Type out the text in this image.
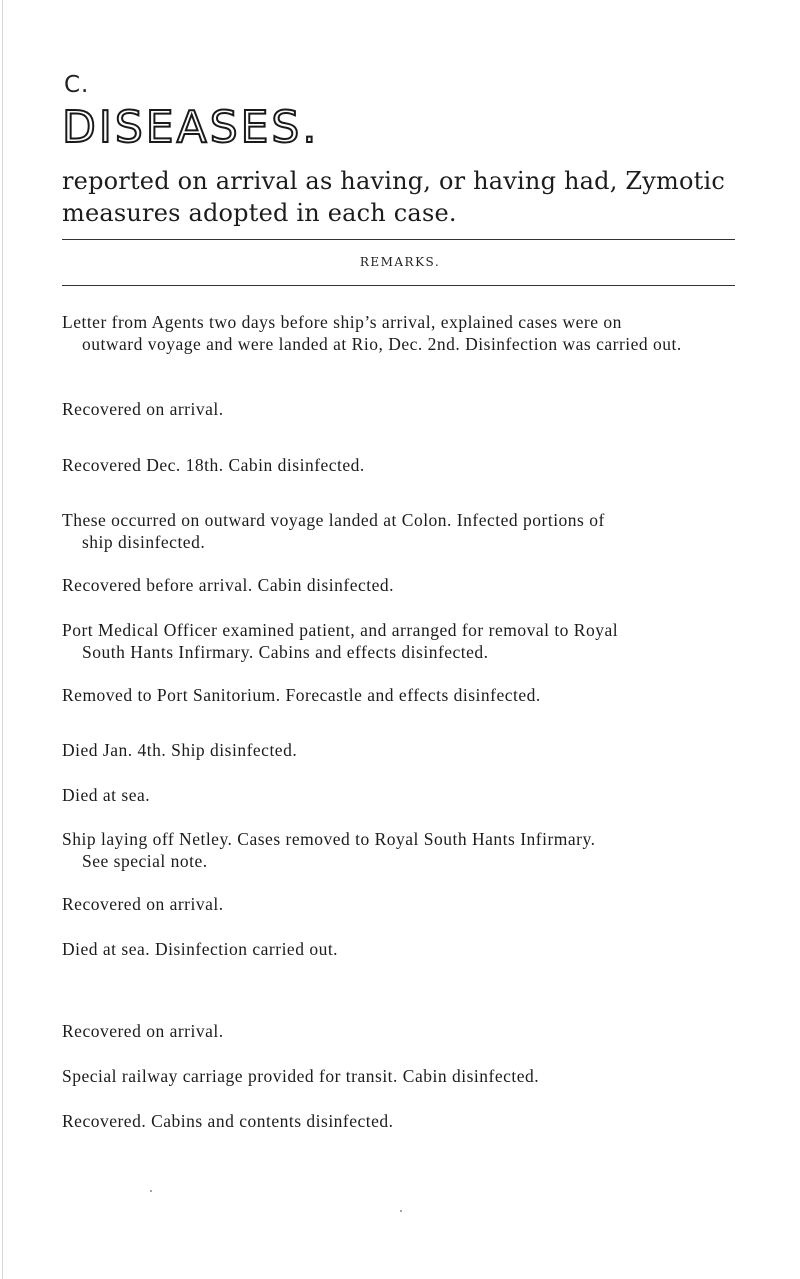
C.
DISEASES.
reported on arrival as having, or having had, Zymotic measures adopted in each case.
REMARKS.
Letter from Agents two days before ship’s arrival, explained cases were on
outward voyage and were landed at Rio, Dec. 2nd. Disinfection was carried out.
Recovered on arrival.
Recovered Dec. 18th. Cabin disinfected.
These occurred on outward voyage landed at Colon. Infected portions of
ship disinfected.
Recovered before arrival. Cabin disinfected.
Port Medical Officer examined patient, and arranged for removal to Royal
South Hants Infirmary. Cabins and effects disinfected.
Removed to Port Sanitorium. Forecastle and effects disinfected.
Died Jan. 4th. Ship disinfected.
Died at sea.
Ship laying off Netley. Cases removed to Royal South Hants Infirmary.
See special note.
Recovered on arrival.
Died at sea. Disinfection carried out.
Recovered on arrival.
Special railway carriage provided for transit. Cabin disinfected.
Recovered. Cabins and contents disinfected.
